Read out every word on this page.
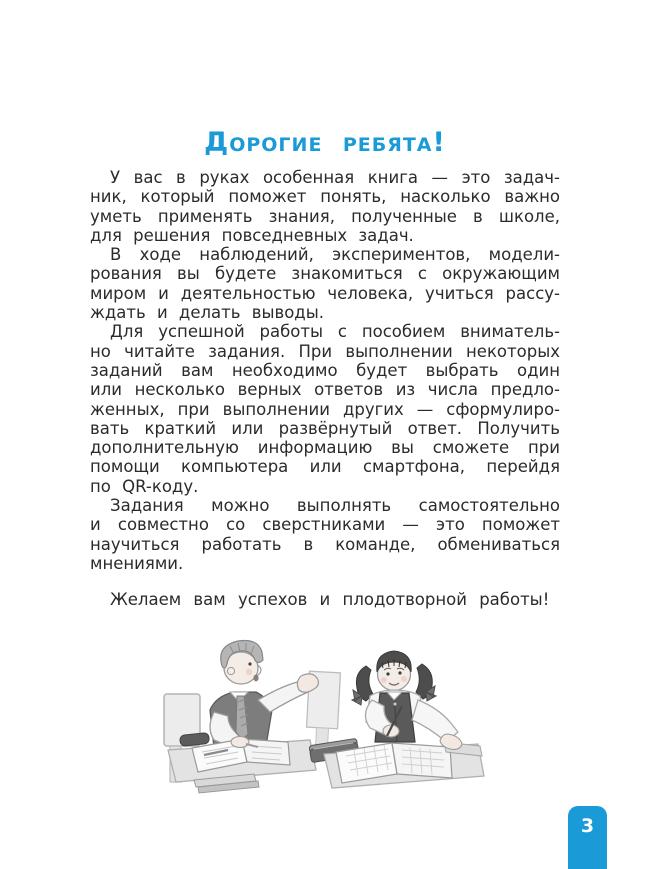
Дорогие ребята!
У вас в руках особенная книга — это задач-
ник, который поможет понять, насколько важно
уметь применять знания, полученные в школе,
для решения повседневных задач.
В ходе наблюдений, экспериментов, модели-
рования вы будете знакомиться с окружающим
миром и деятельностью человека, учиться рассу-
ждать и делать выводы.
Для успешной работы с пособием вниматель-
но читайте задания. При выполнении некоторых
заданий вам необходимо будет выбрать один
или несколько верных ответов из числа предло-
женных, при выполнении других — сформулиро-
вать краткий или развёрнутый ответ. Получить
дополнительную информацию вы сможете при
помощи компьютера или смартфона, перейдя
по QR-коду.
Задания можно выполнять самостоятельно
и совместно со сверстниками — это поможет
научиться работать в команде, обмениваться
мнениями.
Желаем вам успехов и плодотворной работы!
3
